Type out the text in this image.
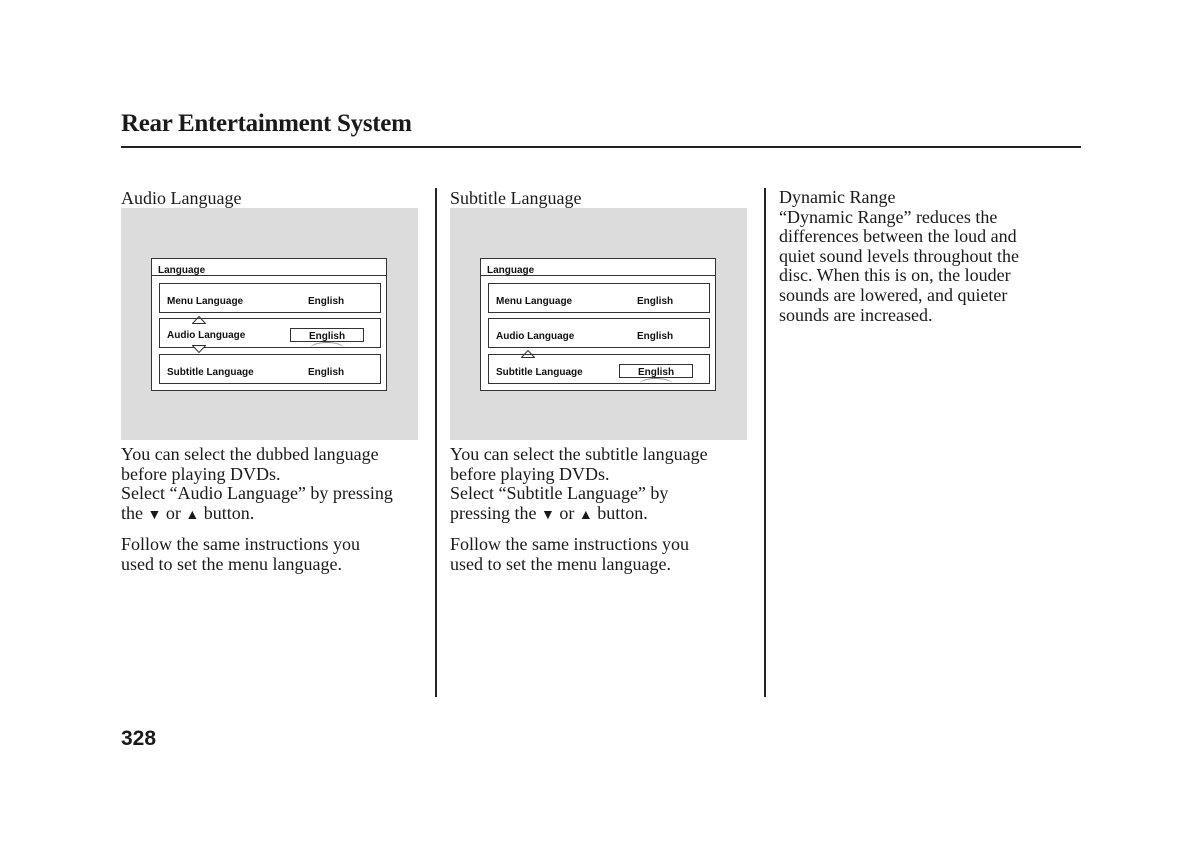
Rear Entertainment System

Audio Language

Language
Menu Language	English
Audio Language	English
Subtitle Language	English

You can select the dubbed language

before playing DVDs.

Select “Audio Language” by pressing

the ▼ or ▲ button.

Follow the same instructions you

used to set the menu language.

Subtitle Language

Language
Menu Language	English
Audio Language	English
Subtitle Language	English

You can select the subtitle language

before playing DVDs.

Select “Subtitle Language” by

pressing the ▼ or ▲ button.

Follow the same instructions you

used to set the menu language.

Dynamic Range

“Dynamic Range” reduces the

differences between the loud and

quiet sound levels throughout the

disc. When this is on, the louder

sounds are lowered, and quieter

sounds are increased.

328
